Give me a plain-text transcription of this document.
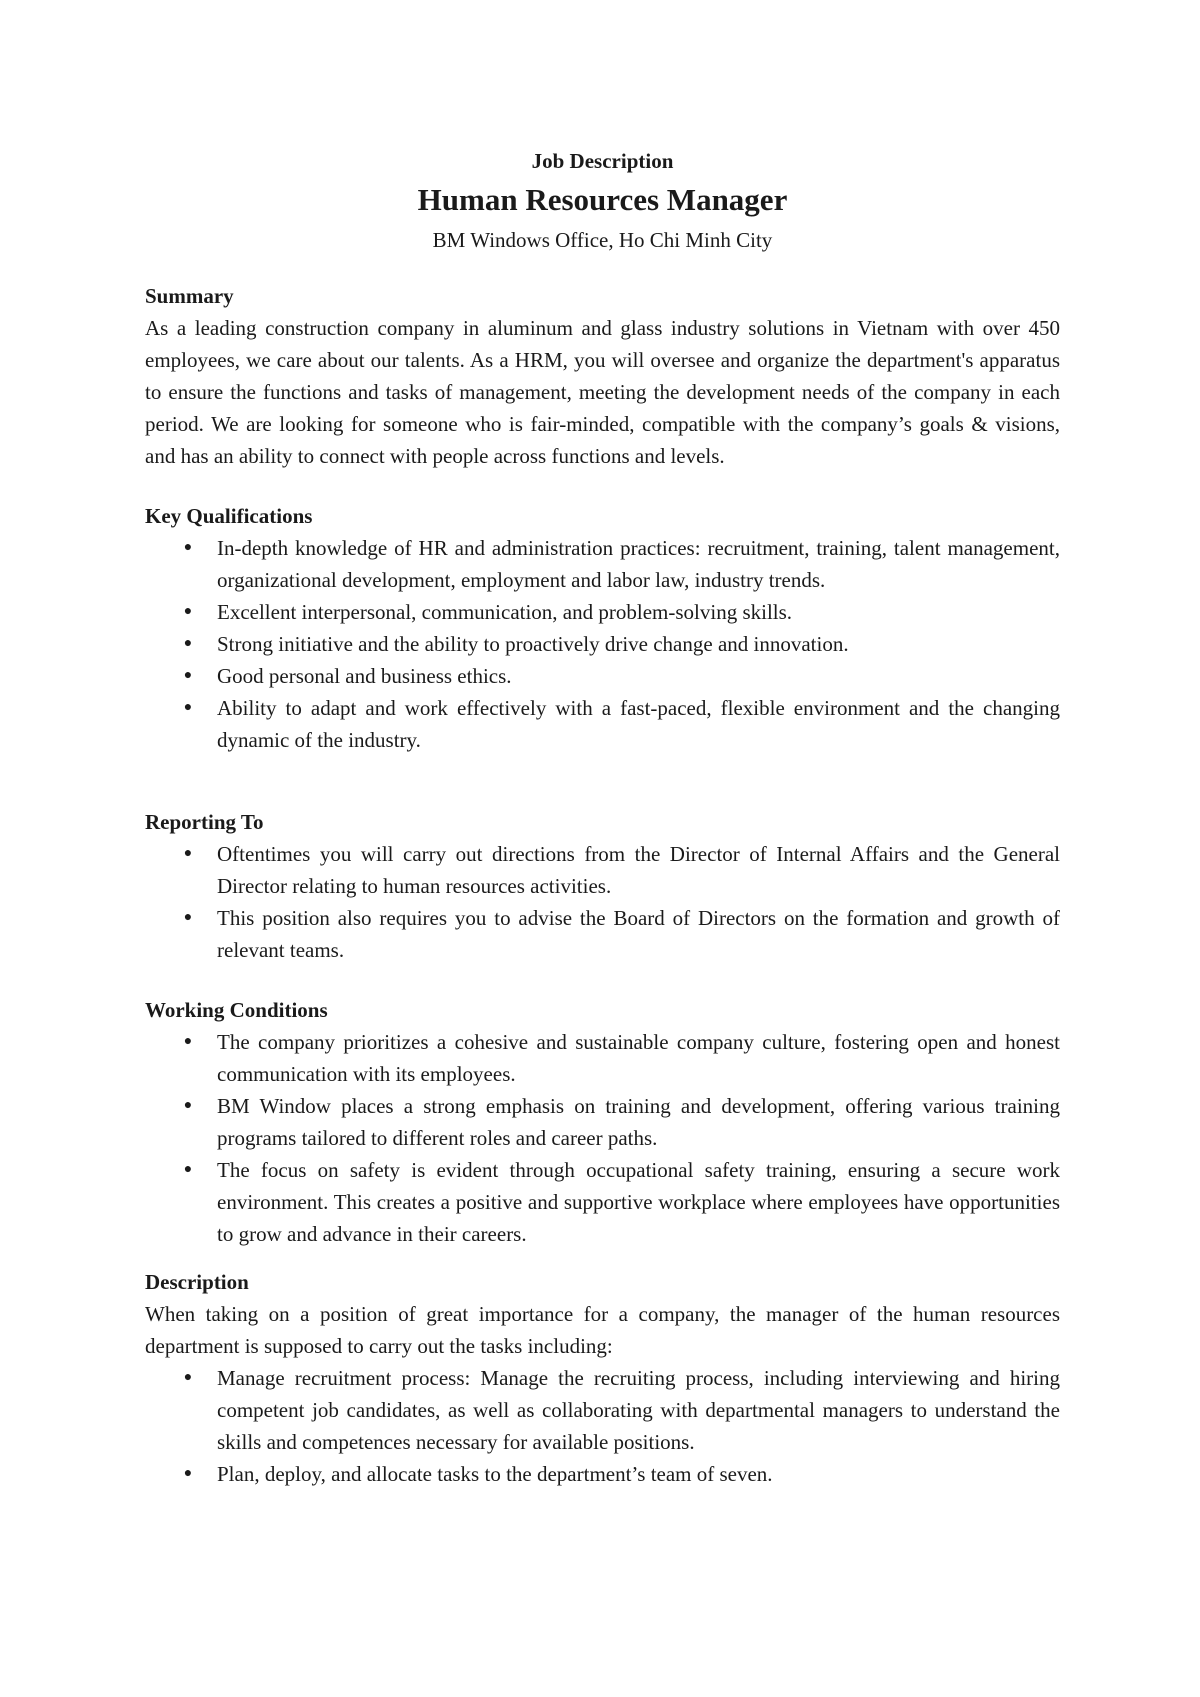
Job Description
Human Resources Manager
BM Windows Office, Ho Chi Minh City
Summary

As a leading construction company in aluminum and glass industry solutions in Vietnam with over 450 employees, we care about our talents. As a HRM, you will oversee and organize the department's apparatus to ensure the functions and tasks of management, meeting the development needs of the company in each period. We are looking for someone who is fair-minded, compatible with the company’s goals & visions, and has an ability to connect with people across functions and levels.

Key Qualifications
● In-depth knowledge of HR and administration practices: recruitment, training, talent management, organizational development, employment and labor law, industry trends.
● Excellent interpersonal, communication, and problem-solving skills.
● Strong initiative and the ability to proactively drive change and innovation.
● Good personal and business ethics.
● Ability to adapt and work effectively with a fast-paced, flexible environment and the changing dynamic of the industry.
Reporting To
● Oftentimes you will carry out directions from the Director of Internal Affairs and the General Director relating to human resources activities.
● This position also requires you to advise the Board of Directors on the formation and growth of relevant teams.
Working Conditions
● The company prioritizes a cohesive and sustainable company culture, fostering open and honest communication with its employees.
● BM Window places a strong emphasis on training and development, offering various training programs tailored to different roles and career paths.
● The focus on safety is evident through occupational safety training, ensuring a secure work environment. This creates a positive and supportive workplace where employees have opportunities to grow and advance in their careers.
Description

When taking on a position of great importance for a company, the manager of the human resources department is supposed to carry out the tasks including:

● Manage recruitment process: Manage the recruiting process, including interviewing and hiring competent job candidates, as well as collaborating with departmental managers to understand the skills and competences necessary for available positions.
● Plan, deploy, and allocate tasks to the department’s team of seven.
